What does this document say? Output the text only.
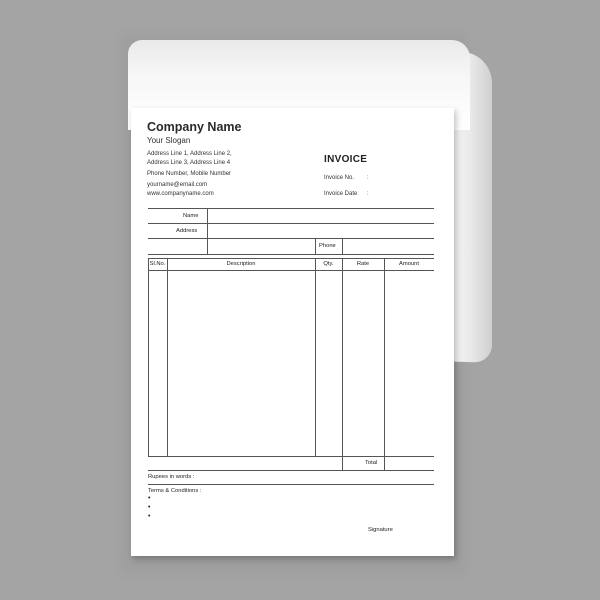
Company Name
Your Slogan
Address Line 1, Address Line 2,
Address Line 3, Address Line 4
Phone Number, Mobile Number
yourname@email.com
www.companyname.com
INVOICE
Invoice No. :
Invoice Date :
Name
Address
Phone
Sl.No.	Description	Qty.	Rate	Amount
Total
Rupees in words :
Terms & Conditions :
•
•
•
Signature
